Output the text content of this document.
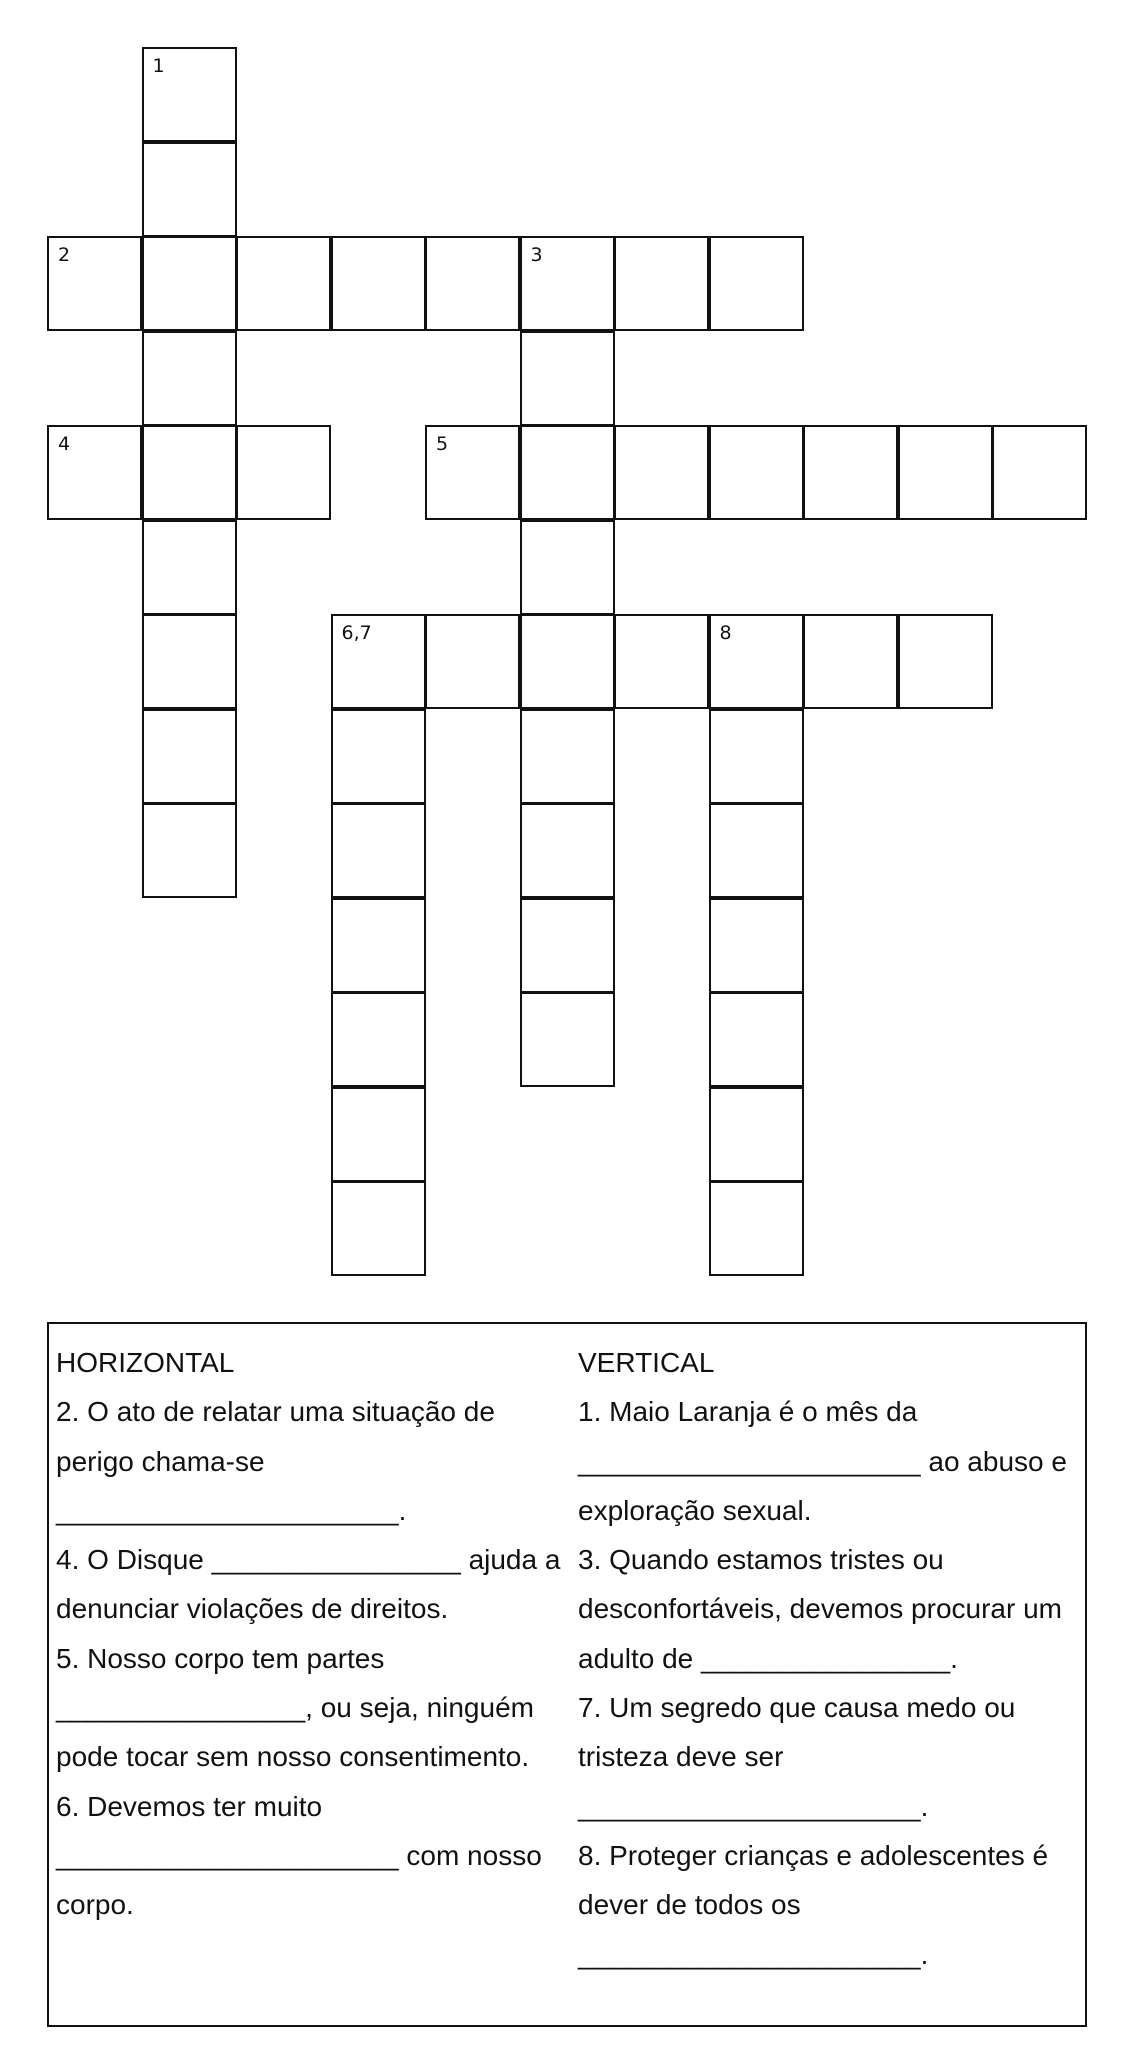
1
2	3
4	5
6,7	8

HORIZONTAL

2. O ato de relatar uma situação de perigo chama-se ______________________.

4. O Disque ________________ ajuda a denunciar violações de direitos.

5. Nosso corpo tem partes ________________, ou seja, ninguém pode tocar sem nosso consentimento.

6. Devemos ter muito ______________________ com nosso corpo.

VERTICAL

1. Maio Laranja é o mês da ______________________ ao abuso e exploração sexual.

3. Quando estamos tristes ou desconfortáveis, devemos procurar um adulto de ________________.

7. Um segredo que causa medo ou tristeza deve ser ______________________.

8. Proteger crianças e adolescentes é dever de todos os ______________________.
